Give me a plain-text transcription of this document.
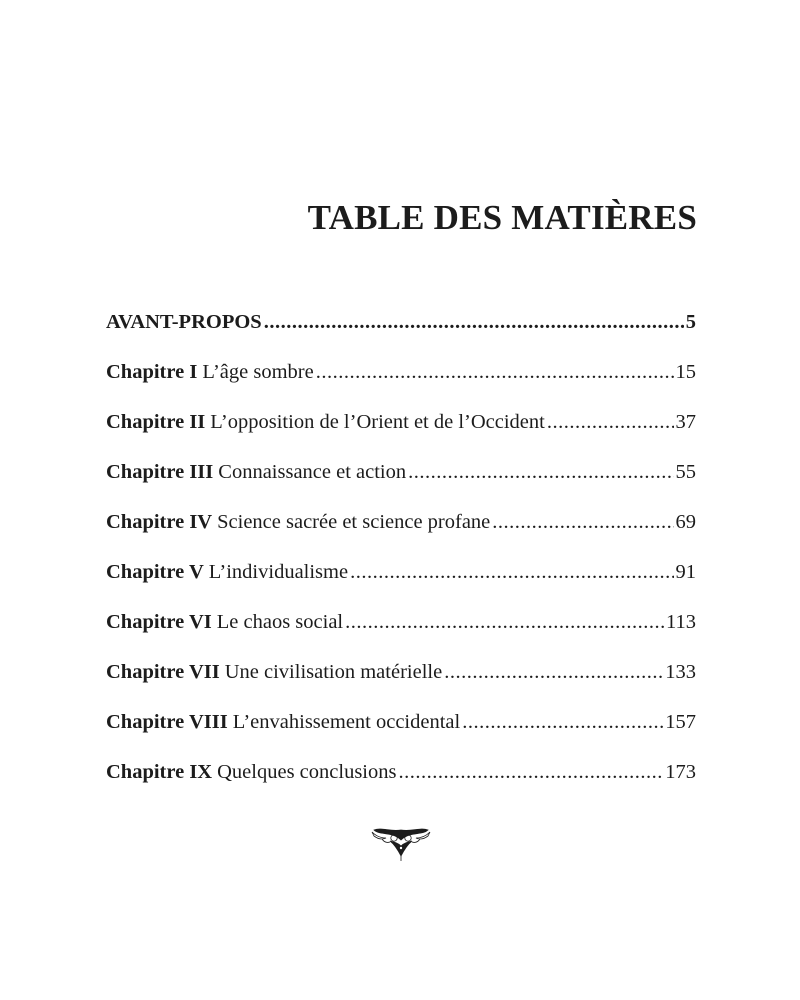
TABLE DES MATIÈRES
AVANT-PROPOS .....	5
Chapitre I L’âge sombre .....	15
Chapitre II L’opposition de l’Orient et de l’Occident .....	37
Chapitre III Connaissance et action .....	55
Chapitre IV Science sacrée et science profane .....	69
Chapitre V L’individualisme .....	91
Chapitre VI Le chaos social .....	113
Chapitre VII Une civilisation matérielle .....	133
Chapitre VIII L’envahissement occidental .....	157
Chapitre IX Quelques conclusions .....	173
